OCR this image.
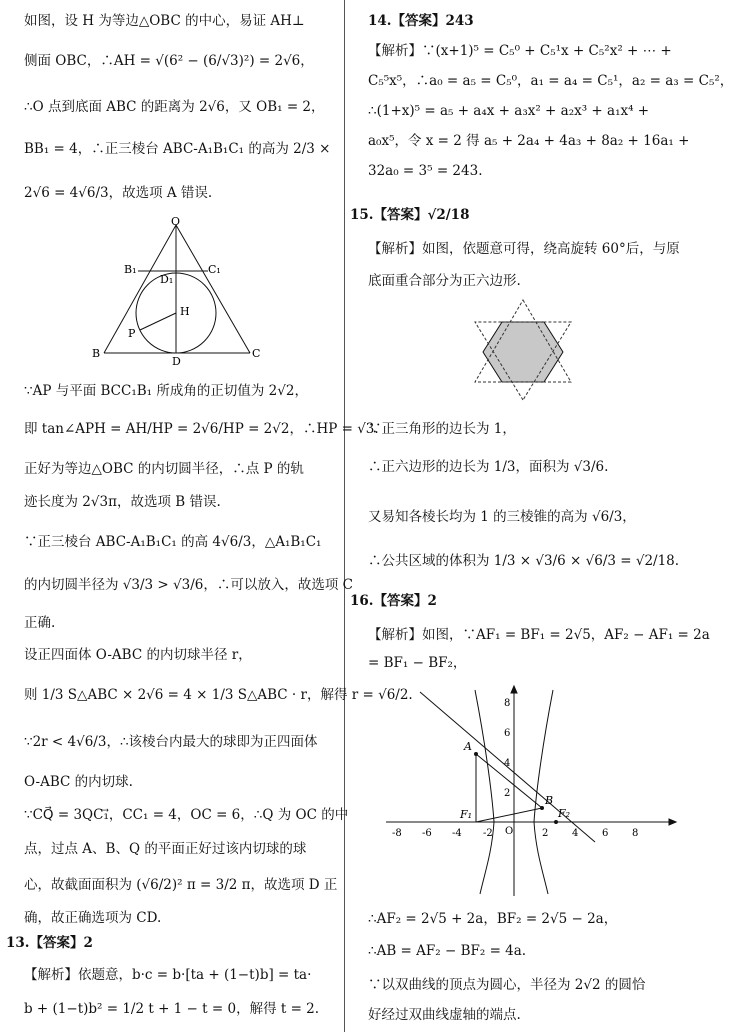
如图，设 H 为等边△OBC 的中心，易证 AH⊥
侧面 OBC，∴AH = √(6² − (6/√3)²) = 2√6，
∴O 点到底面 ABC 的距离为 2√6，又 OB₁ = 2，
BB₁ = 4，∴正三棱台 ABC-A₁B₁C₁ 的高为 2/3 ×
2√6 = 4√6/3，故选项 A 错误.
O
B₁	C₁
D₁
H
P
B
D
C
∵AP 与平面 BCC₁B₁ 所成角的正切值为 2√2，
即 tan∠APH = AH/HP = 2√6/HP = 2√2，∴HP = √3.
正好为等边△OBC 的内切圆半径，∴点 P 的轨
迹长度为 2√3π，故选项 B 错误.
∵正三棱台 ABC-A₁B₁C₁ 的高 4√6/3，△A₁B₁C₁
的内切圆半径为 √3/3 > √3/6，∴可以放入，故选项 C
正确.
设正四面体 O-ABC 的内切球半径 r，
则 1/3 S△ABC × 2√6 = 4 × 1/3 S△ABC · r，解得 r = √6/2.
∵2r < 4√6/3，∴该棱台内最大的球即为正四面体
O-ABC 的内切球.
∵CQ⃗ = 3QC₁⃗，CC₁ = 4，OC = 6，∴Q 为 OC 的中
点，过点 A、B、Q 的平面正好过该内切球的球
心，故截面面积为 (√6/2)² π = 3/2 π，故选项 D 正
确，故正确选项为 CD.
13.【答案】2
【解析】依题意，b·c = b·[ta + (1−t)b] = ta·
b + (1−t)b² = 1/2 t + 1 − t = 0，解得 t = 2.
14.【答案】243
【解析】∵(x+1)⁵ = C₅⁰ + C₅¹x + C₅²x² + ⋯ +
C₅⁵x⁵，∴a₀ = a₅ = C₅⁰，a₁ = a₄ = C₅¹，a₂ = a₃ = C₅²，
∴(1+x)⁵ = a₅ + a₄x + a₃x² + a₂x³ + a₁x⁴ +
a₀x⁵，令 x = 2 得 a₅ + 2a₄ + 4a₃ + 8a₂ + 16a₁ +
32a₀ = 3⁵ = 243.
15.【答案】√2/18
【解析】如图，依题意可得，绕高旋转 60°后，与原
底面重合部分为正六边形.
∵正三角形的边长为 1，
∴正六边形的边长为 1/3，面积为 √3/6.
又易知各棱长均为 1 的三棱锥的高为 √6/3，
∴公共区域的体积为 1/3 × √3/6 × √6/3 = √2/18.
16.【答案】2
【解析】如图，∵AF₁ = BF₁ = 2√5，AF₂ − AF₁ = 2a
= BF₁ − BF₂，
A
B
F₁	F₂
O
-8 -6 -4 -2	2 4 6 8
8
6
4
2
∴AF₂ = 2√5 + 2a，BF₂ = 2√5 − 2a，
∴AB = AF₂ − BF₂ = 4a.
∵以双曲线的顶点为圆心，半径为 2√2 的圆恰
好经过双曲线虚轴的端点.
